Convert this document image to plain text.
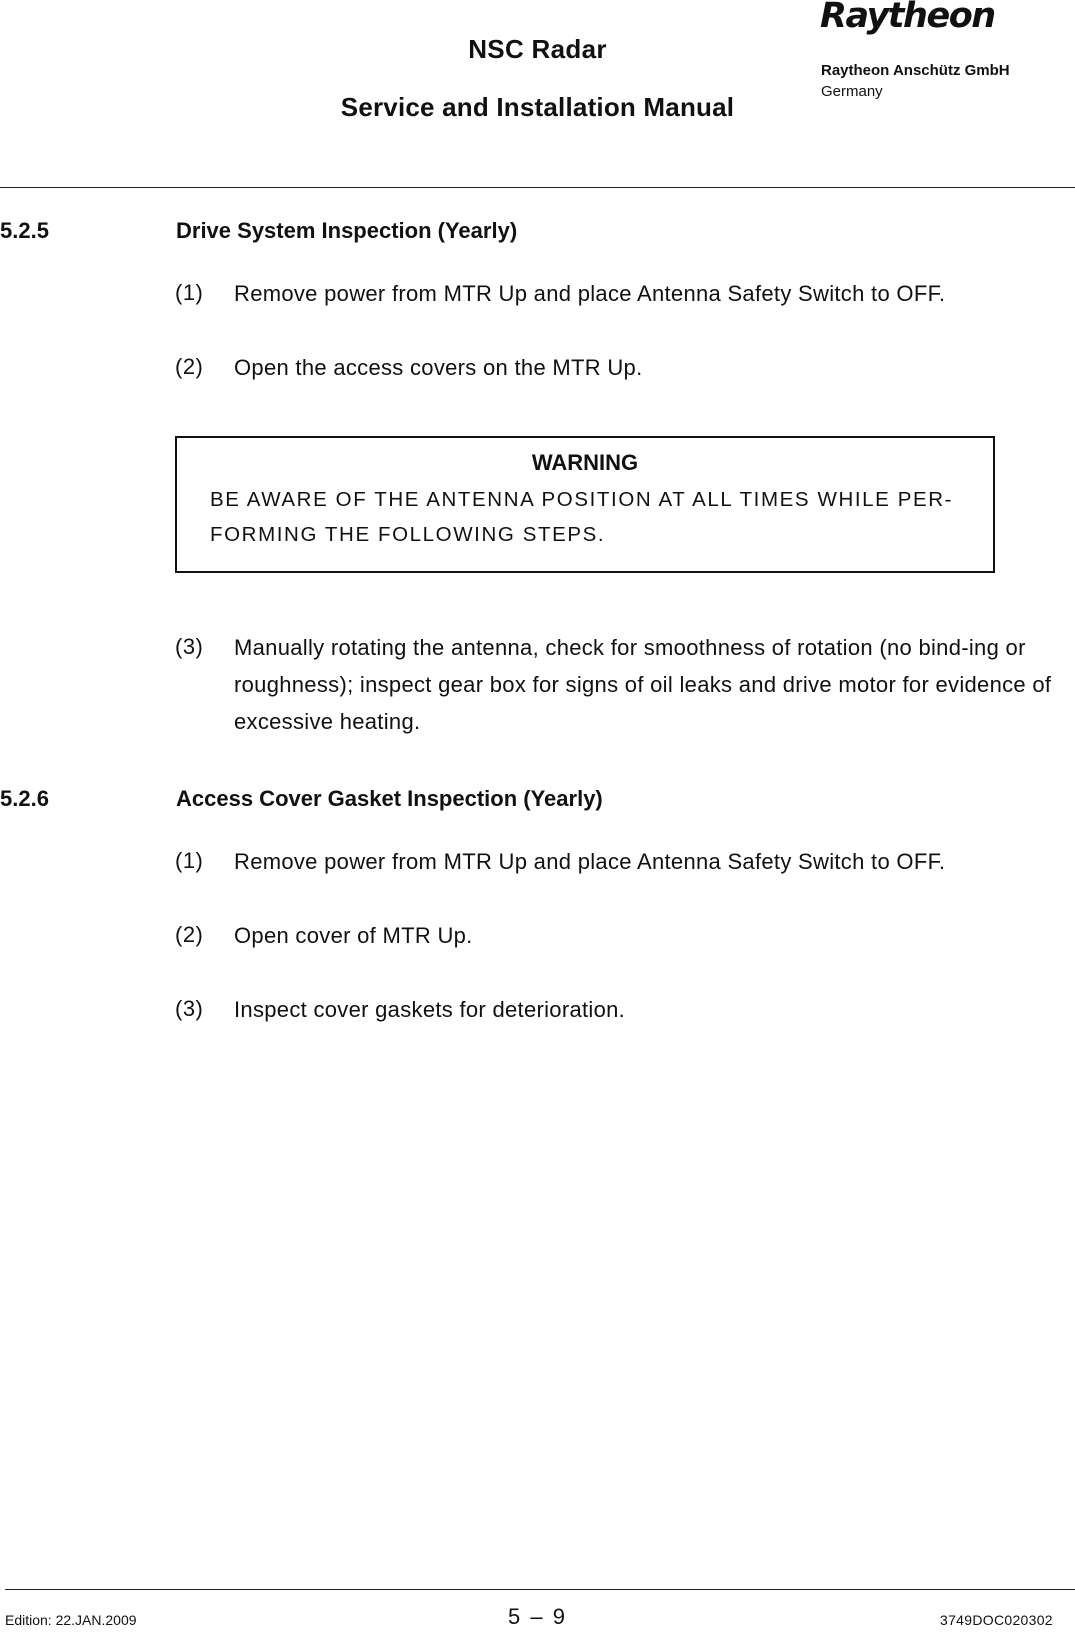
NSC Radar
Service and Installation Manual
Raytheon
Raytheon Anschütz GmbH
Germany
5.2.5	Drive System Inspection (Yearly)
(1) Remove power from MTR Up and place Antenna Safety Switch to OFF.
(2) Open the access covers on the MTR Up.
WARNING
BE AWARE OF THE ANTENNA POSITION AT ALL TIMES WHILE PER-FORMING THE FOLLOWING STEPS.
(3) Manually rotating the antenna, check for smoothness of rotation (no bind-ing or roughness); inspect gear box for signs of oil leaks and drive motor for evidence of excessive heating.
5.2.6	Access Cover Gasket Inspection (Yearly)
(1) Remove power from MTR Up and place Antenna Safety Switch to OFF.
(2) Open cover of MTR Up.
(3) Inspect cover gaskets for deterioration.
Edition: 22.JAN.2009	5 – 9	3749DOC020302
